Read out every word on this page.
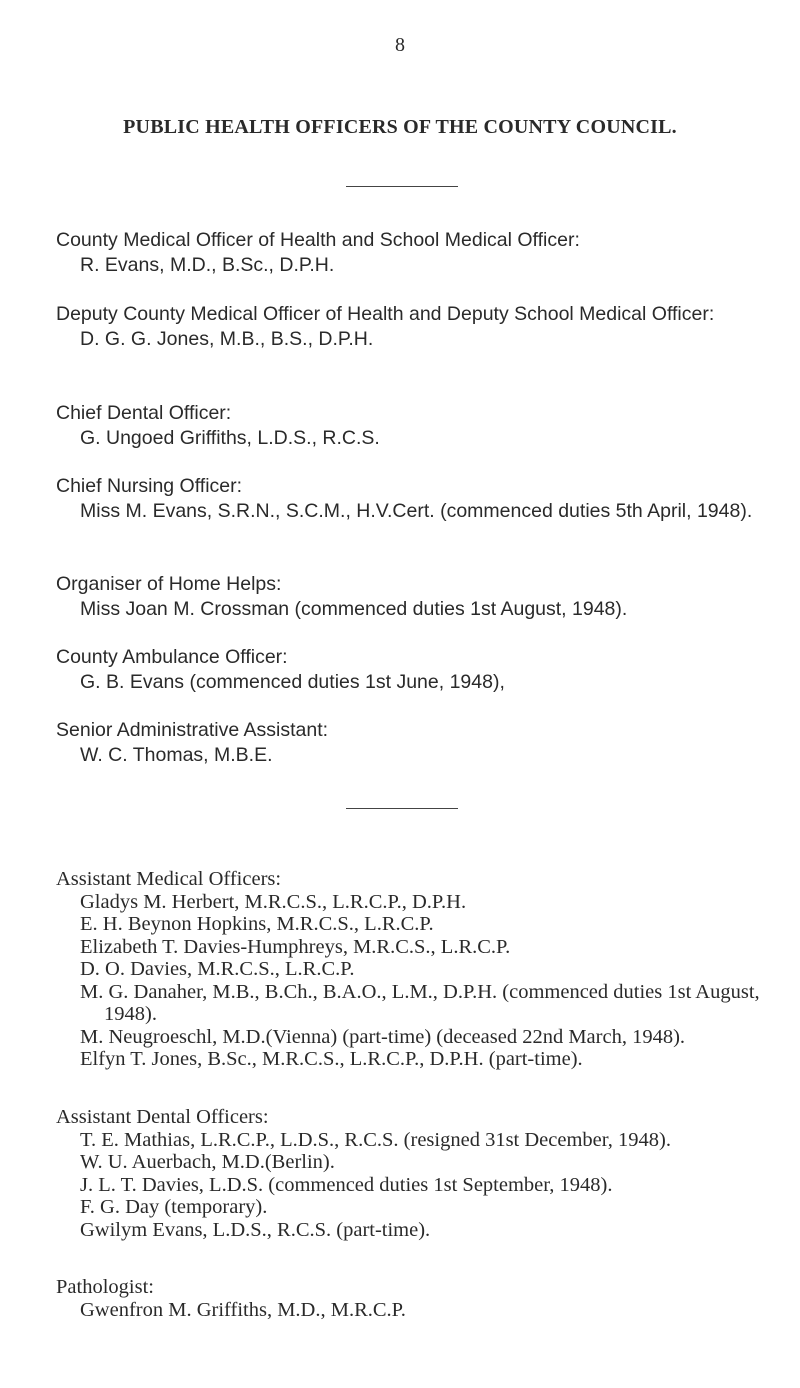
8

PUBLIC HEALTH OFFICERS OF THE COUNTY COUNCIL.

County Medical Officer of Health and School Medical Officer:

R. Evans, M.D., B.Sc., D.P.H.

Deputy County Medical Officer of Health and Deputy School Medical Officer:

D. G. G. Jones, M.B., B.S., D.P.H.

Chief Dental Officer:

G. Ungoed Griffiths, L.D.S., R.C.S.

Chief Nursing Officer:

Miss M. Evans, S.R.N., S.C.M., H.V.Cert. (commenced duties 5th April, 1948).

Organiser of Home Helps:

Miss Joan M. Crossman (commenced duties 1st August, 1948).

County Ambulance Officer:

G. B. Evans (commenced duties 1st June, 1948),

Senior Administrative Assistant:

W. C. Thomas, M.B.E.

Assistant Medical Officers:

Gladys M. Herbert, M.R.C.S., L.R.C.P., D.P.H.

E. H. Beynon Hopkins, M.R.C.S., L.R.C.P.

Elizabeth T. Davies-Humphreys, M.R.C.S., L.R.C.P.

D. O. Davies, M.R.C.S., L.R.C.P.

M. G. Danaher, M.B., B.Ch., B.A.O., L.M., D.P.H. (commenced duties 1st August, 1948).

M. Neugroeschl, M.D.(Vienna) (part-time) (deceased 22nd March, 1948).

Elfyn T. Jones, B.Sc., M.R.C.S., L.R.C.P., D.P.H. (part-time).

Assistant Dental Officers:

T. E. Mathias, L.R.C.P., L.D.S., R.C.S. (resigned 31st December, 1948).

W. U. Auerbach, M.D.(Berlin).

J. L. T. Davies, L.D.S. (commenced duties 1st September, 1948).

F. G. Day (temporary).

Gwilym Evans, L.D.S., R.C.S. (part-time).

Pathologist:

Gwenfron M. Griffiths, M.D., M.R.C.P.
